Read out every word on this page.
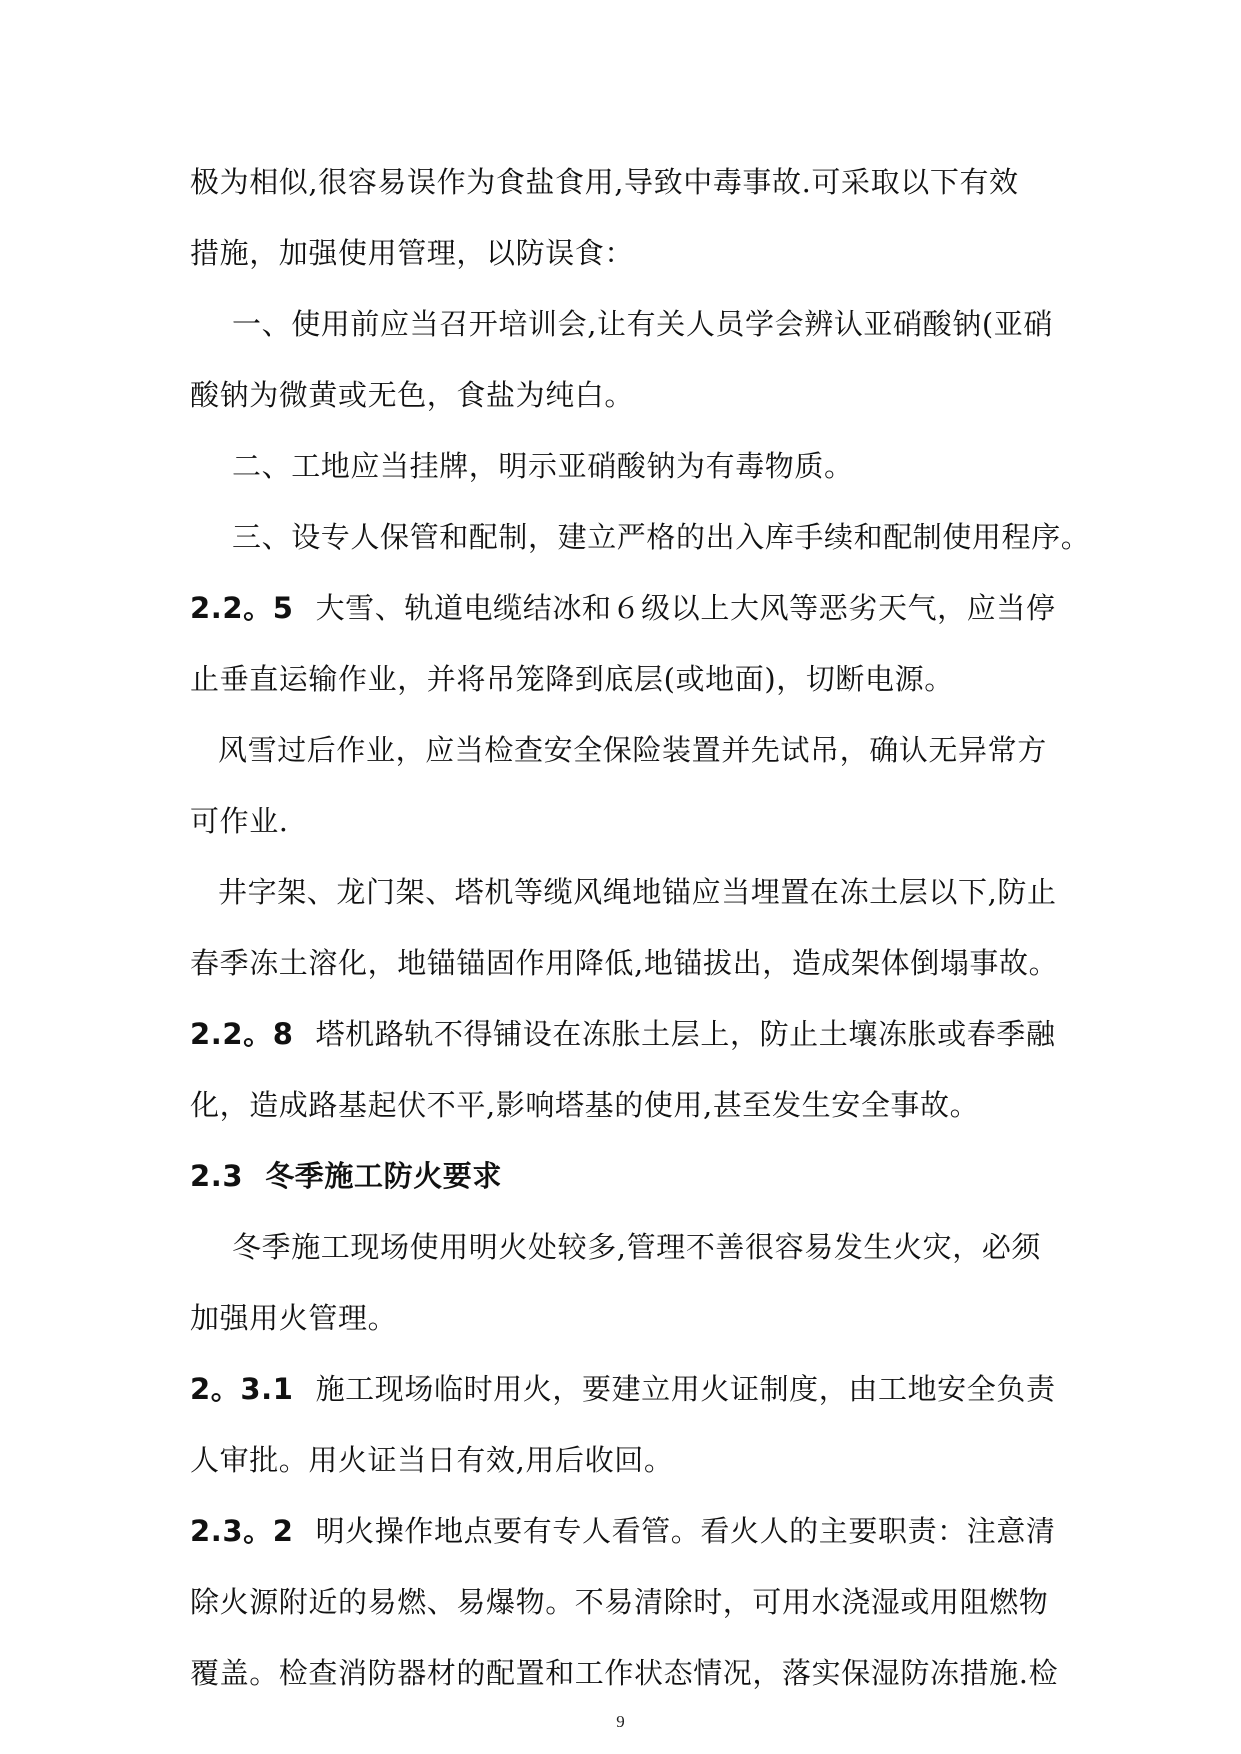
极为相似,很容易误作为食盐食用,导致中毒事故.可采取以下有效
措施，加强使用管理，以防误食：
一、使用前应当召开培训会,让有关人员学会辨认亚硝酸钠(亚硝
酸钠为微黄或无色，食盐为纯白。
二、工地应当挂牌，明示亚硝酸钠为有毒物质。
三、设专人保管和配制，建立严格的出入库手续和配制使用程序。
2.2。5 大雪、轨道电缆结冰和６级以上大风等恶劣天气，应当停
止垂直运输作业，并将吊笼降到底层(或地面)，切断电源。
风雪过后作业，应当检查安全保险装置并先试吊，确认无异常方
可作业.
井字架、龙门架、塔机等缆风绳地锚应当埋置在冻土层以下,防止
春季冻土溶化，地锚锚固作用降低,地锚拔出，造成架体倒塌事故。
2.2。8 塔机路轨不得铺设在冻胀土层上，防止土壤冻胀或春季融
化，造成路基起伏不平,影响塔基的使用,甚至发生安全事故。
2.3 冬季施工防火要求
冬季施工现场使用明火处较多,管理不善很容易发生火灾，必须
加强用火管理。
2。3.1 施工现场临时用火，要建立用火证制度，由工地安全负责
人审批。用火证当日有效,用后收回。
2.3。2 明火操作地点要有专人看管。看火人的主要职责：注意清
除火源附近的易燃、易爆物。不易清除时，可用水浇湿或用阻燃物
覆盖。检查消防器材的配置和工作状态情况，落实保湿防冻措施.检
9
